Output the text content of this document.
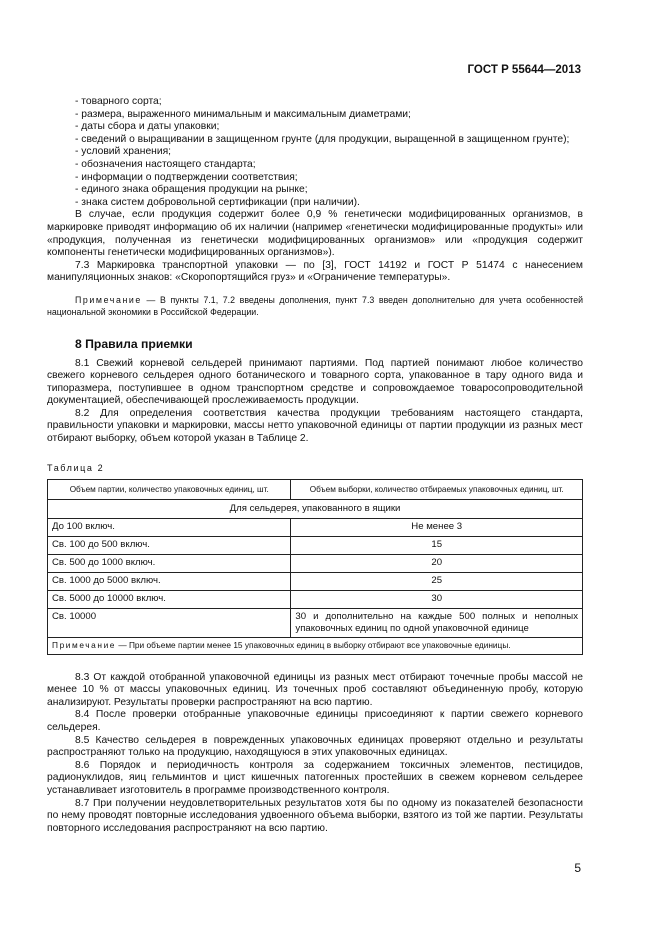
ГОСТ Р 55644—2013

- товарного сорта;

- размера, выраженного минимальным и максимальным диаметрами;

- даты сбора и даты упаковки;

- сведений о выращивании в защищенном грунте (для продукции, выращенной в защищенном грунте);

- условий хранения;

- обозначения настоящего стандарта;

- информации о подтверждении соответствия;

- единого знака обращения продукции на рынке;

- знака систем добровольной сертификации (при наличии).

В случае, если продукция содержит более 0,9 % генетически модифицированных организмов, в маркировке приводят информацию об их наличии (например «генетически модифицированные продукты» или «продукция, полученная из генетически модифицированных организмов» или «продукция содержит компоненты генетически модифицированных организмов»).

7.3 Маркировка транспортной упаковки — по [3], ГОСТ 14192 и ГОСТ Р 51474 с нанесением манипуляционных знаков: «Скоропортящийся груз» и «Ограничение температуры».

Примечание — В пункты 7.1, 7.2 введены дополнения, пункт 7.3 введен дополнительно для учета особенностей национальной экономики в Российской Федерации.

8 Правила приемки

8.1 Свежий корневой сельдерей принимают партиями. Под партией понимают любое количество свежего корневого сельдерея одного ботанического и товарного сорта, упакованное в тару одного вида и типоразмера, поступившее в одном транспортном средстве и сопровождаемое товаросопроводительной документацией, обеспечивающей прослеживаемость продукции.

8.2 Для определения соответствия качества продукции требованиям настоящего стандарта, правильности упаковки и маркировки, массы нетто упаковочной единицы от партии продукции из разных мест отбирают выборку, объем которой указан в Таблице 2.

Таблица 2
Объем партии, количество упаковочных единиц, шт.	Объем выборки, количество отбираемых упаковочных единиц, шт.
Для сельдерея, упакованного в ящики	
До 100 включ.	Не менее 3
Св. 100 до 500 включ.	15
Св. 500 до 1000 включ.	20
Св. 1000 до 5000 включ.	25
Св. 5000 до 10000 включ.	30
Св. 10000	30 и дополнительно на каждые 500 полных и неполных упаковочных единиц по одной упаковочной единице
Примечание — При объеме партии менее 15 упаковочных единиц в выборку отбирают все упаковочные единицы.	

8.3 От каждой отобранной упаковочной единицы из разных мест отбирают точечные пробы массой не менее 10 % от массы упаковочных единиц. Из точечных проб составляют объединенную пробу, которую анализируют. Результаты проверки распространяют на всю партию.

8.4 После проверки отобранные упаковочные единицы присоединяют к партии свежего корневого сельдерея.

8.5 Качество сельдерея в поврежденных упаковочных единицах проверяют отдельно и результаты распространяют только на продукцию, находящуюся в этих упаковочных единицах.

8.6 Порядок и периодичность контроля за содержанием токсичных элементов, пестицидов, радионуклидов, яиц гельминтов и цист кишечных патогенных простейших в свежем корневом сельдерее устанавливает изготовитель в программе производственного контроля.

8.7 При получении неудовлетворительных результатов хотя бы по одному из показателей безопасности по нему проводят повторные исследования удвоенного объема выборки, взятого из той же партии. Результаты повторного исследования распространяют на всю партию.

5
